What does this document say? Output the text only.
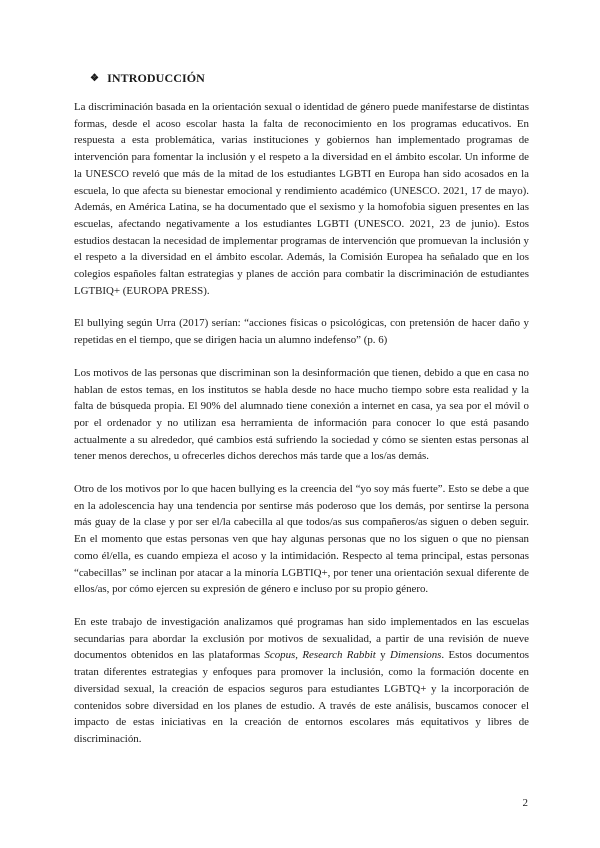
❖ INTRODUCCIÓN

La discriminación basada en la orientación sexual o identidad de género puede manifestarse de distintas formas, desde el acoso escolar hasta la falta de reconocimiento en los programas educativos. En respuesta a esta problemática, varias instituciones y gobiernos han implementado programas de intervención para fomentar la inclusión y el respeto a la diversidad en el ámbito escolar. Un informe de la UNESCO reveló que más de la mitad de los estudiantes LGBTI en Europa han sido acosados en la escuela, lo que afecta su bienestar emocional y rendimiento académico (UNESCO. 2021, 17 de mayo). Además, en América Latina, se ha documentado que el sexismo y la homofobia siguen presentes en las escuelas, afectando negativamente a los estudiantes LGBTI (UNESCO. 2021, 23 de junio). Estos estudios destacan la necesidad de implementar programas de intervención que promuevan la inclusión y el respeto a la diversidad en el ámbito escolar. Además, la Comisión Europea ha señalado que en los colegios españoles faltan estrategias y planes de acción para combatir la discriminación de estudiantes LGTBIQ+ (EUROPA PRESS).

El bullying según Urra (2017) serían: “acciones físicas o psicológicas, con pretensión de hacer daño y repetidas en el tiempo, que se dirigen hacia un alumno indefenso” (p. 6)

Los motivos de las personas que discriminan son la desinformación que tienen, debido a que en casa no hablan de estos temas, en los institutos se habla desde no hace mucho tiempo sobre esta realidad y la falta de búsqueda propia. El 90% del alumnado tiene conexión a internet en casa, ya sea por el móvil o por el ordenador y no utilizan esa herramienta de información para conocer lo que está pasando actualmente a su alrededor, qué cambios está sufriendo la sociedad y cómo se sienten estas personas al tener menos derechos, u ofrecerles dichos derechos más tarde que a los/as demás.

Otro de los motivos por lo que hacen bullying es la creencia del “yo soy más fuerte”. Esto se debe a que en la adolescencia hay una tendencia por sentirse más poderoso que los demás, por sentirse la persona más guay de la clase y por ser el/la cabecilla al que todos/as sus compañeros/as siguen o deben seguir. En el momento que estas personas ven que hay algunas personas que no los siguen o que no piensan como él/ella, es cuando empieza el acoso y la intimidación. Respecto al tema principal, estas personas “cabecillas” se inclinan por atacar a la minoría LGBTIQ+, por tener una orientación sexual diferente de ellos/as, por cómo ejercen su expresión de género e incluso por su propio género.

En este trabajo de investigación analizamos qué programas han sido implementados en las escuelas secundarias para abordar la exclusión por motivos de sexualidad, a partir de una revisión de nueve documentos obtenidos en las plataformas Scopus, Research Rabbit y Dimensions. Estos documentos tratan diferentes estrategias y enfoques para promover la inclusión, como la formación docente en diversidad sexual, la creación de espacios seguros para estudiantes LGBTQ+ y la incorporación de contenidos sobre diversidad en los planes de estudio. A través de este análisis, buscamos conocer el impacto de estas iniciativas en la creación de entornos escolares más equitativos y libres de discriminación.

2
